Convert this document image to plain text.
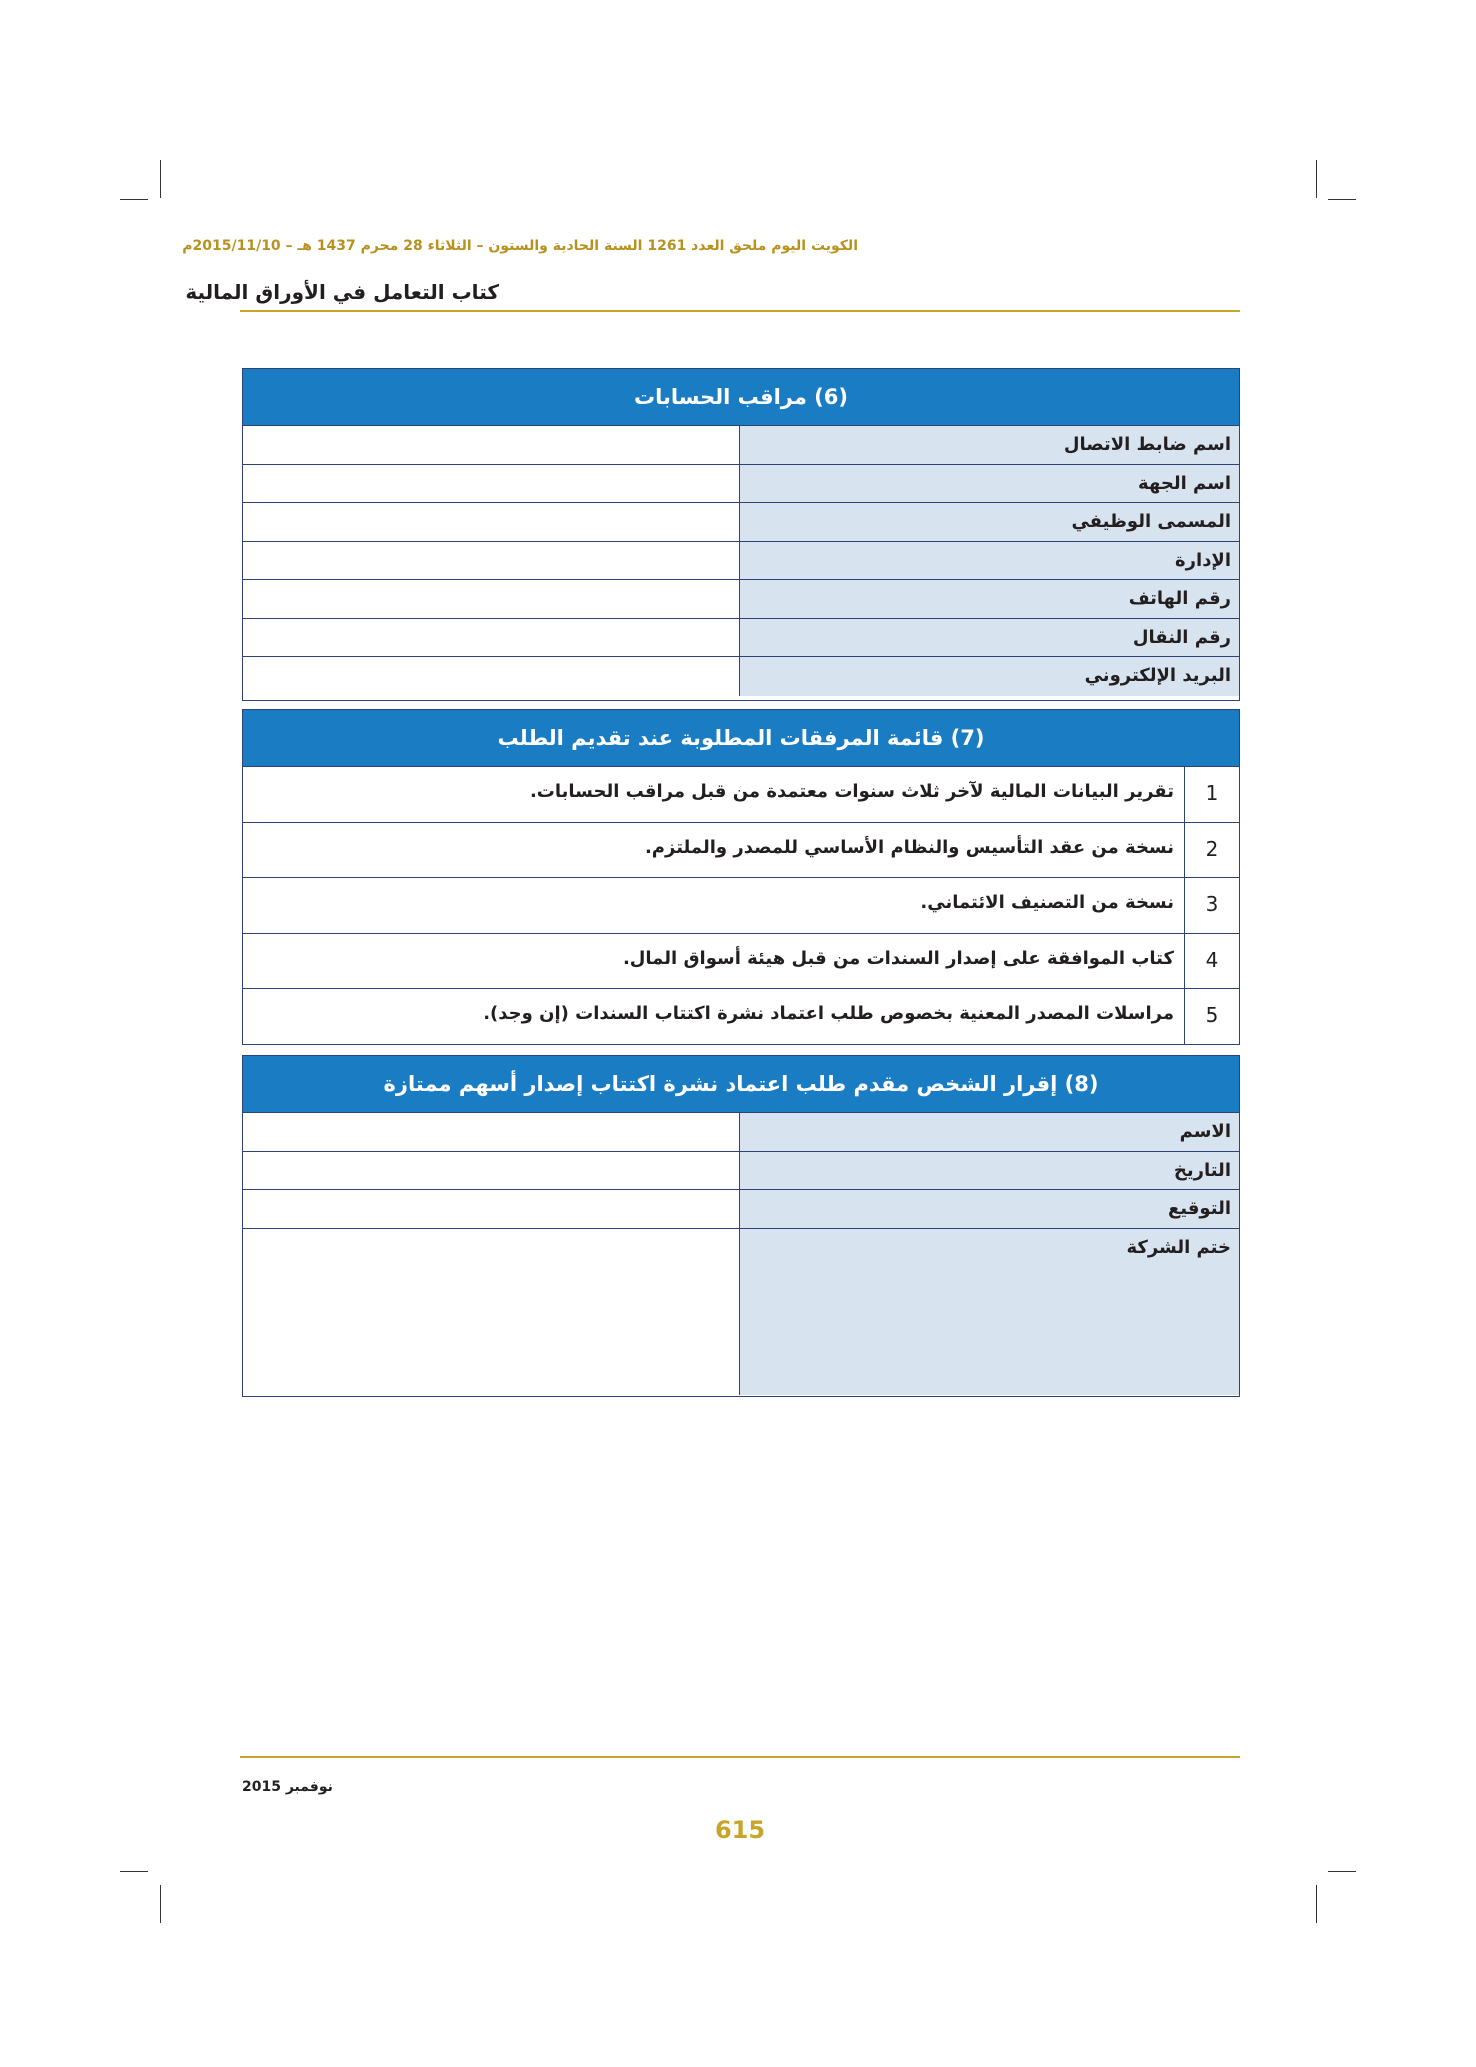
الكويت اليوم ملحق العدد 1261 السنة الحادية والستون – الثلاثاء 28 محرم 1437 هـ – 2015/11/10م
كتاب التعامل في الأوراق المالية
(6) مراقب الحسابات
اسم ضابط الاتصال
اسم الجهة
المسمى الوظيفي
الإدارة
رقم الهاتف
رقم النقال
البريد الإلكتروني
(7) قائمة المرفقات المطلوبة عند تقديم الطلب
1
تقرير البيانات المالية لآخر ثلاث سنوات معتمدة من قبل مراقب الحسابات.
2
نسخة من عقد التأسيس والنظام الأساسي للمصدر والملتزم.
3
نسخة من التصنيف الائتماني.
4
كتاب الموافقة على إصدار السندات من قبل هيئة أسواق المال.
5
مراسلات المصدر المعنية بخصوص طلب اعتماد نشرة اكتتاب السندات (إن وجد).
(8) إقرار الشخص مقدم طلب اعتماد نشرة اكتتاب إصدار أسهم ممتازة
الاسم
التاريخ
التوقيع
ختم الشركة
نوفمبر 2015
615
